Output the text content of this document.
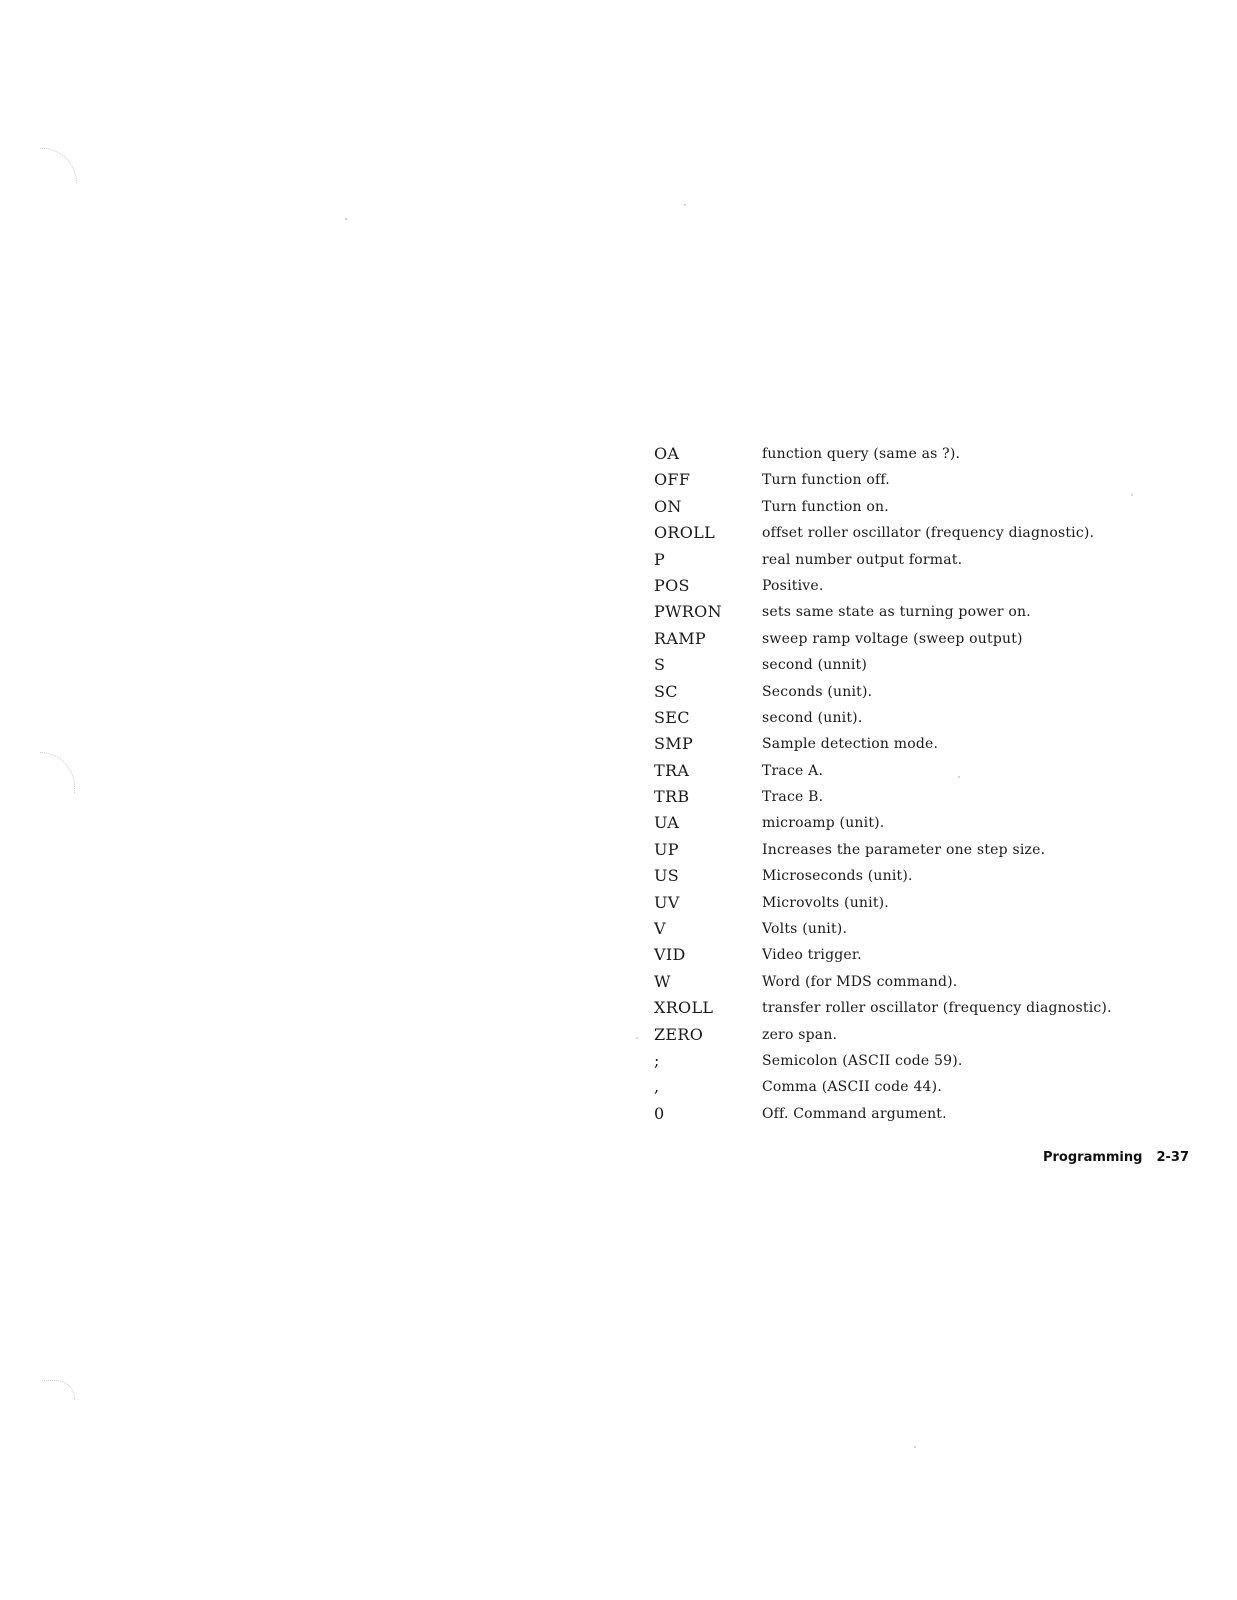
OA	function query (same as ?).
OFF	Turn function off.
ON	Turn function on.
OROLL	offset roller oscillator (frequency diagnostic).
P	real number output format.
POS	Positive.
PWRON	sets same state as turning power on.
RAMP	sweep ramp voltage (sweep output)
S	second (unnit)
SC	Seconds (unit).
SEC	second (unit).
SMP	Sample detection mode.
TRA	Trace A.
TRB	Trace B.
UA	microamp (unit).
UP	Increases the parameter one step size.
US	Microseconds (unit).
UV	Microvolts (unit).
V	Volts (unit).
VID	Video trigger.
W	Word (for MDS command).
XROLL	transfer roller oscillator (frequency diagnostic).
ZERO	zero span.
;	Semicolon (ASCII code 59).
,	Comma (ASCII code 44).
0	Off. Command argument.
Programming 2-37
